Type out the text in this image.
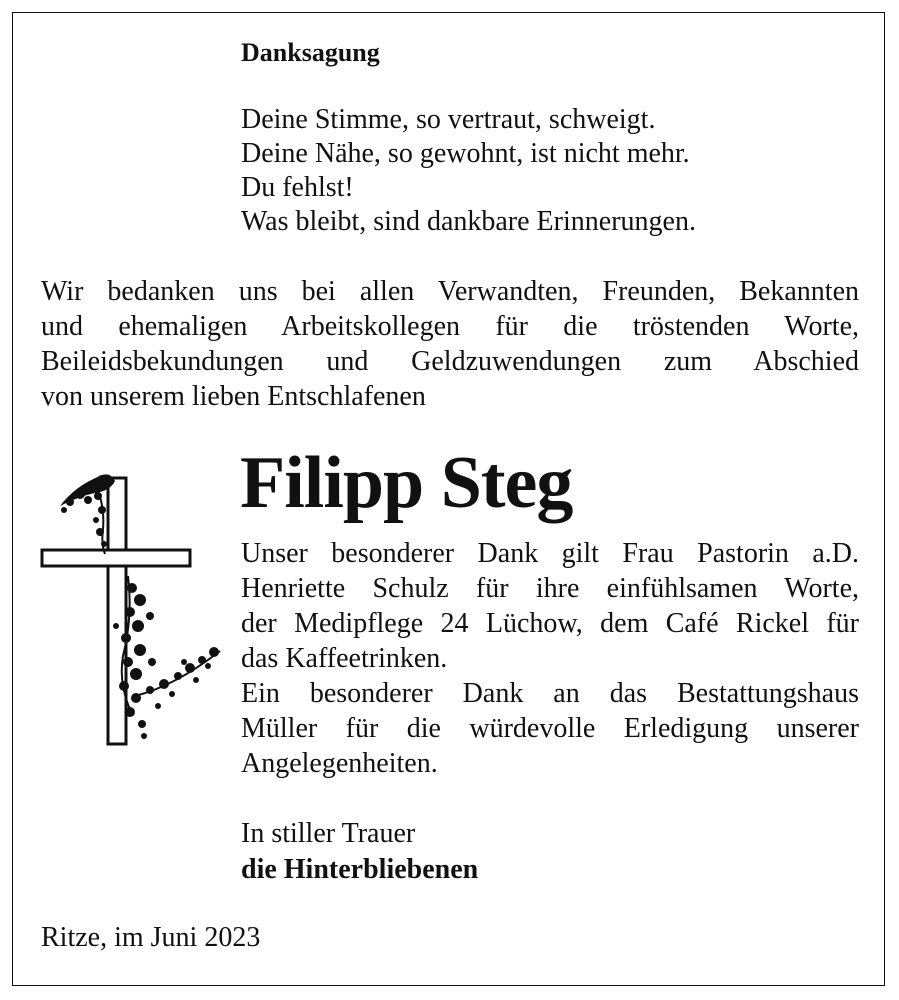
Danksagung
Deine Stimme, so vertraut, schweigt.
Deine Nähe, so gewohnt, ist nicht mehr.
Du fehlst!
Was bleibt, sind dankbare Erinnerungen.
Wir bedanken uns bei allen Verwandten, Freunden, Bekannten
und ehemaligen Arbeitskollegen für die tröstenden Worte,
Beileidsbekundungen und Geldzuwendungen zum Abschied
von unserem lieben Entschlafenen
Filipp Steg
Unser besonderer Dank gilt Frau Pastorin a.D.
Henriette Schulz für ihre einfühlsamen Worte,
der Medipflege 24 Lüchow, dem Café Rickel für
das Kaffeetrinken.
Ein besonderer Dank an das Bestattungshaus
Müller für die würdevolle Erledigung unserer
Angelegenheiten.
In stiller Trauer
die Hinterbliebenen
Ritze, im Juni 2023
